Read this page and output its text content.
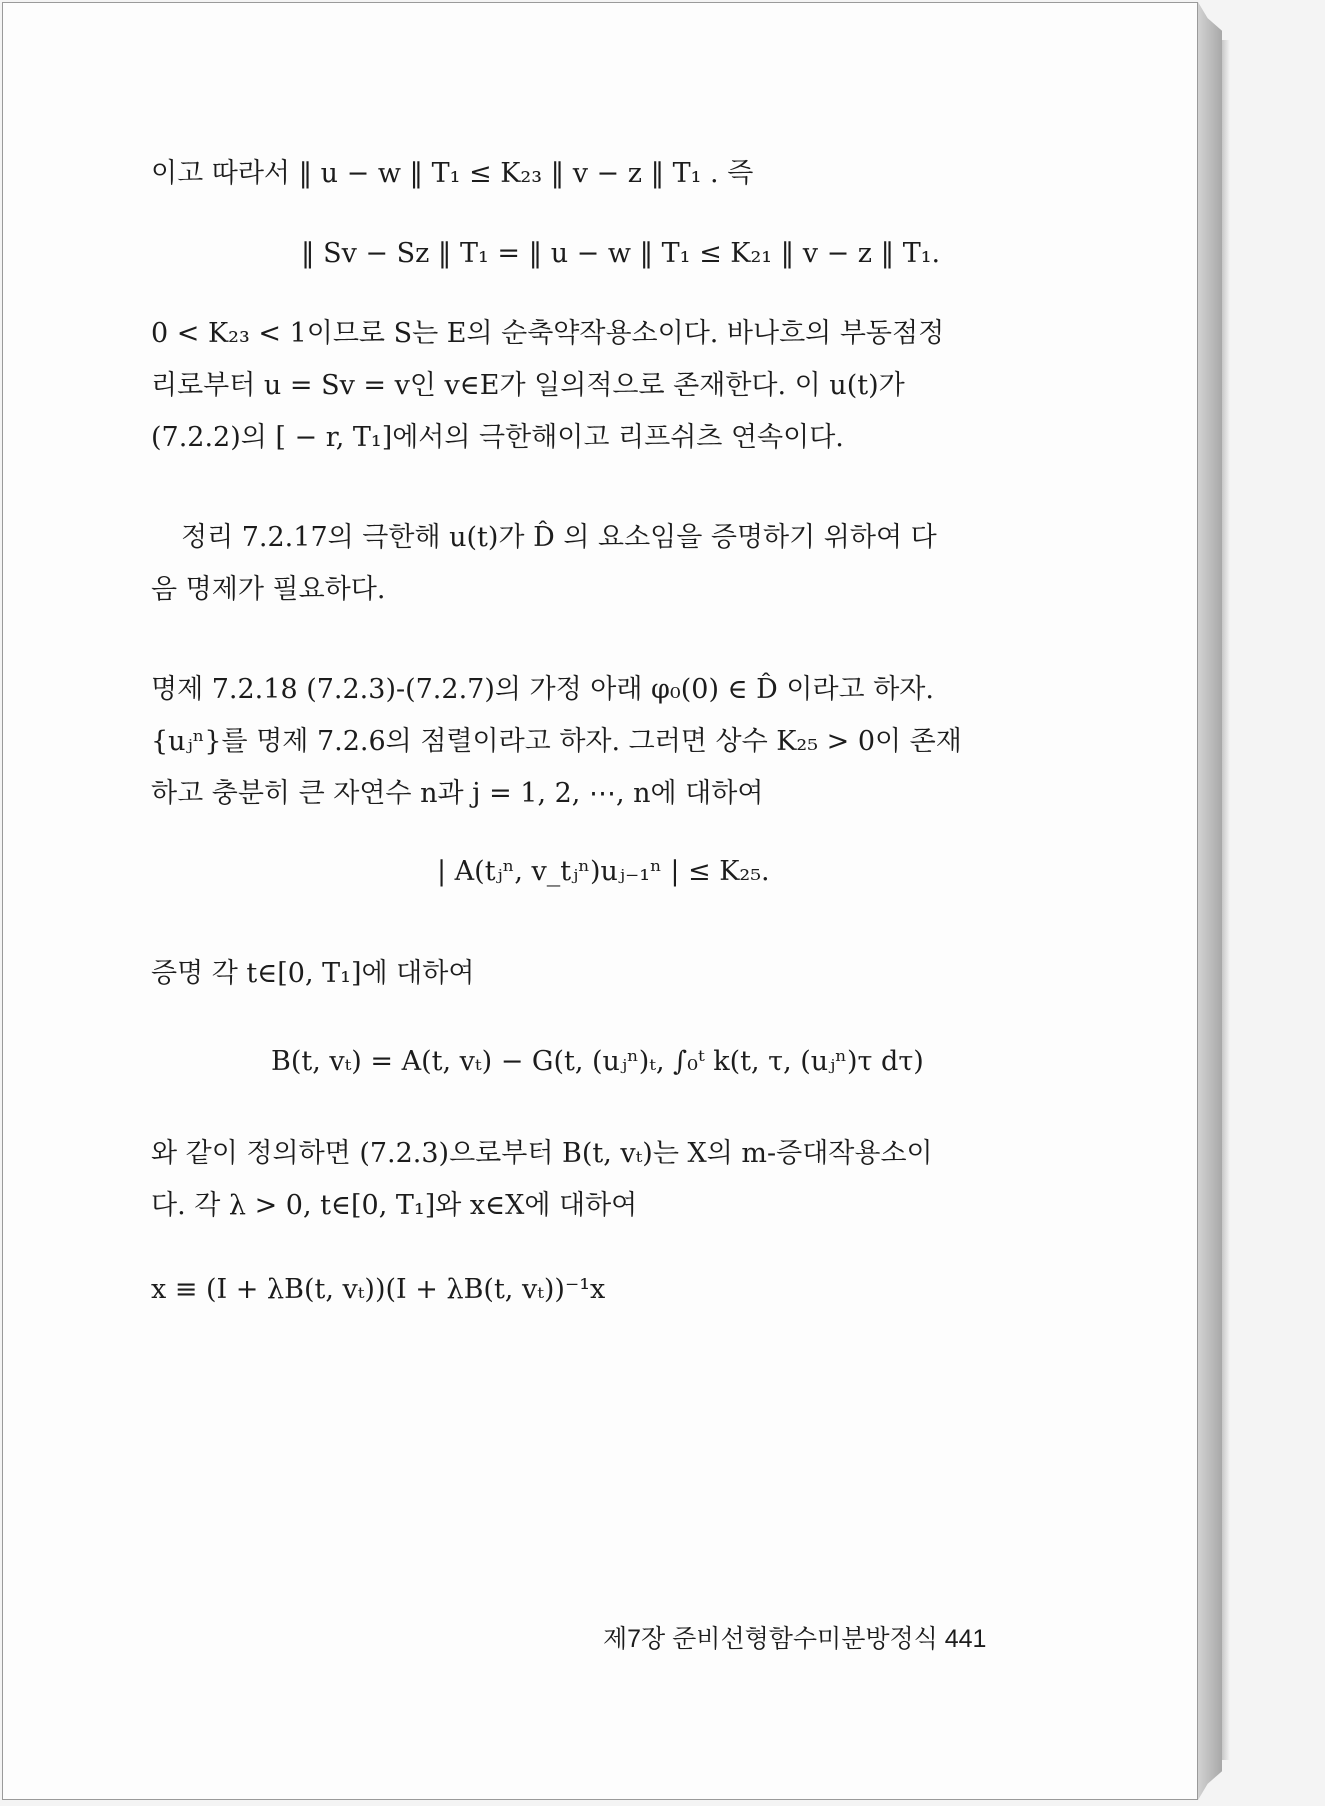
이고 따라서 ‖ u − w ‖ T₁ ≤ K₂₃ ‖ v − z ‖ T₁ . 즉
‖ Sv − Sz ‖ T₁ = ‖ u − w ‖ T₁ ≤ K₂₁ ‖ v − z ‖ T₁.
0 < K₂₃ < 1이므로 S는 E의 순축약작용소이다. 바나흐의 부동점정
리로부터 u = Sv = v인 v∈E가 일의적으로 존재한다. 이 u(t)가
(7.2.2)의 [ − r, T₁]에서의 극한해이고 리프쉬츠 연속이다.
정리 7.2.17의 극한해 u(t)가 D̂ 의 요소임을 증명하기 위하여 다
음 명제가 필요하다.
명제 7.2.18 (7.2.3)-(7.2.7)의 가정 아래 φ₀(0) ∈ D̂ 이라고 하자.
{uⱼⁿ}를 명제 7.2.6의 점렬이라고 하자. 그러면 상수 K₂₅ > 0이 존재
하고 충분히 큰 자연수 n과 j = 1, 2, ⋯, n에 대하여
| A(tⱼⁿ, v_tⱼⁿ)uⱼ₋₁ⁿ | ≤ K₂₅.
증명 각 t∈[0, T₁]에 대하여
B(t, vₜ) = A(t, vₜ) − G(t, (uⱼⁿ)ₜ, ∫₀ᵗ k(t, τ, (uⱼⁿ)τ dτ)
와 같이 정의하면 (7.2.3)으로부터 B(t, vₜ)는 X의 m-증대작용소이
다. 각 λ > 0, t∈[0, T₁]와 x∈X에 대하여
x ≡ (I + λB(t, vₜ))(I + λB(t, vₜ))⁻¹x
제7장 준비선형함수미분방정식 441
